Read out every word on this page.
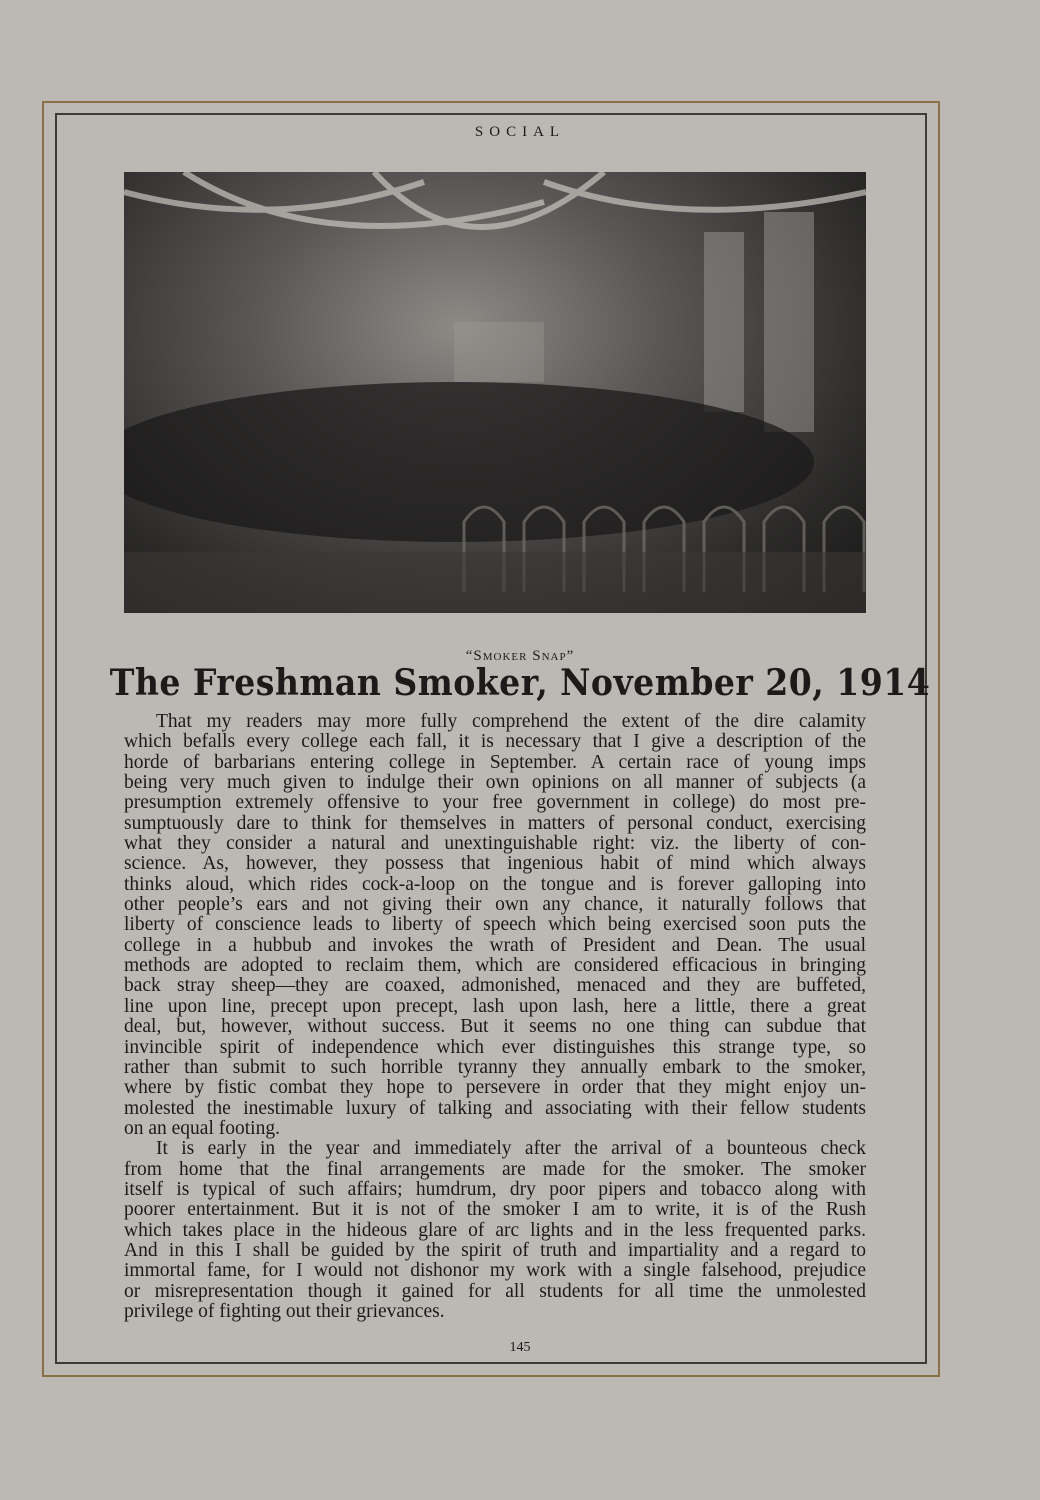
SOCIAL
“Smoker Snap”
The Freshman Smoker, November 20, 1914
That my readers may more fully comprehend the extent of the dire calamity
which befalls every college each fall, it is necessary that I give a description of the
horde of barbarians entering college in September. A certain race of young imps
being very much given to indulge their own opinions on all manner of subjects (a
presumption extremely offensive to your free government in college) do most pre-
sumptuously dare to think for themselves in matters of personal conduct, exercising
what they consider a natural and unextinguishable right: viz. the liberty of con-
science. As, however, they possess that ingenious habit of mind which always
thinks aloud, which rides cock-a-loop on the tongue and is forever galloping into
other people’s ears and not giving their own any chance, it naturally follows that
liberty of conscience leads to liberty of speech which being exercised soon puts the
college in a hubbub and invokes the wrath of President and Dean. The usual
methods are adopted to reclaim them, which are considered efficacious in bringing
back stray sheep—they are coaxed, admonished, menaced and they are buffeted,
line upon line, precept upon precept, lash upon lash, here a little, there a great
deal, but, however, without success. But it seems no one thing can subdue that
invincible spirit of independence which ever distinguishes this strange type, so
rather than submit to such horrible tyranny they annually embark to the smoker,
where by fistic combat they hope to persevere in order that they might enjoy un-
molested the inestimable luxury of talking and associating with their fellow students
on an equal footing.
It is early in the year and immediately after the arrival of a bounteous check
from home that the final arrangements are made for the smoker. The smoker
itself is typical of such affairs; humdrum, dry poor pipers and tobacco along with
poorer entertainment. But it is not of the smoker I am to write, it is of the Rush
which takes place in the hideous glare of arc lights and in the less frequented parks.
And in this I shall be guided by the spirit of truth and impartiality and a regard to
immortal fame, for I would not dishonor my work with a single falsehood, prejudice
or misrepresentation though it gained for all students for all time the unmolested
privilege of fighting out their grievances.
145
